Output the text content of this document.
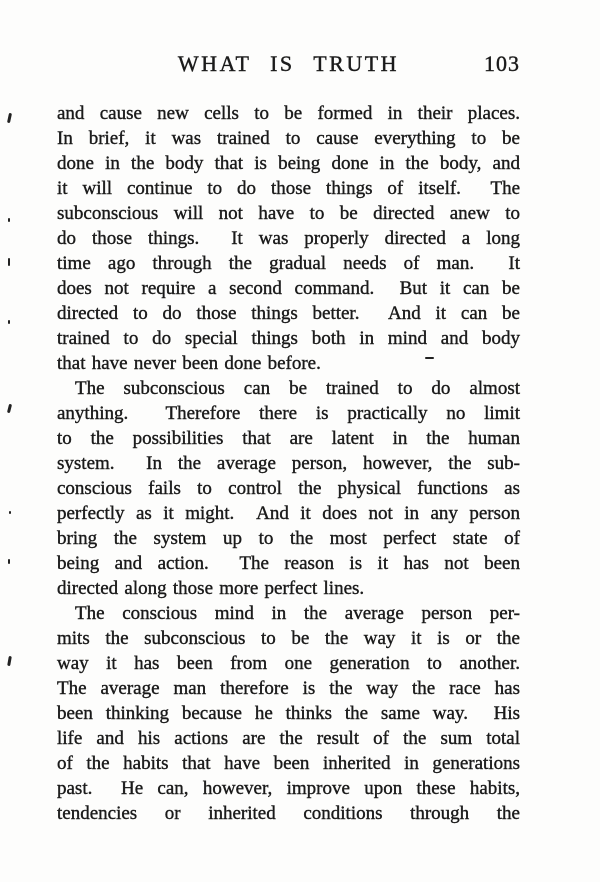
WHAT IS TRUTH	103
and cause new cells to be formed in their places.
In brief, it was trained to cause everything to be
done in the body that is being done in the body, and
it will continue to do those things of itself.  The
subconscious will not have to be directed anew to
do those things.  It was properly directed a long
time ago through the gradual needs of man.  It
does not require a second command.  But it can be
directed to do those things better.  And it can be
trained to do special things both in mind and body
that have never been done before.
The subconscious can be trained to do almost
anything.  Therefore there is practically no limit
to the possibilities that are latent in the human
system.  In the average person, however, the sub-
conscious fails to control the physical functions as
perfectly as it might.  And it does not in any person
bring the system up to the most perfect state of
being and action.  The reason is it has not been
directed along those more perfect lines.
The conscious mind in the average person per-
mits the subconscious to be the way it is or the
way it has been from one generation to another.
The average man therefore is the way the race has
been thinking because he thinks the same way.  His
life and his actions are the result of the sum total
of the habits that have been inherited in generations
past.  He can, however, improve upon these habits,
tendencies or inherited conditions through the
